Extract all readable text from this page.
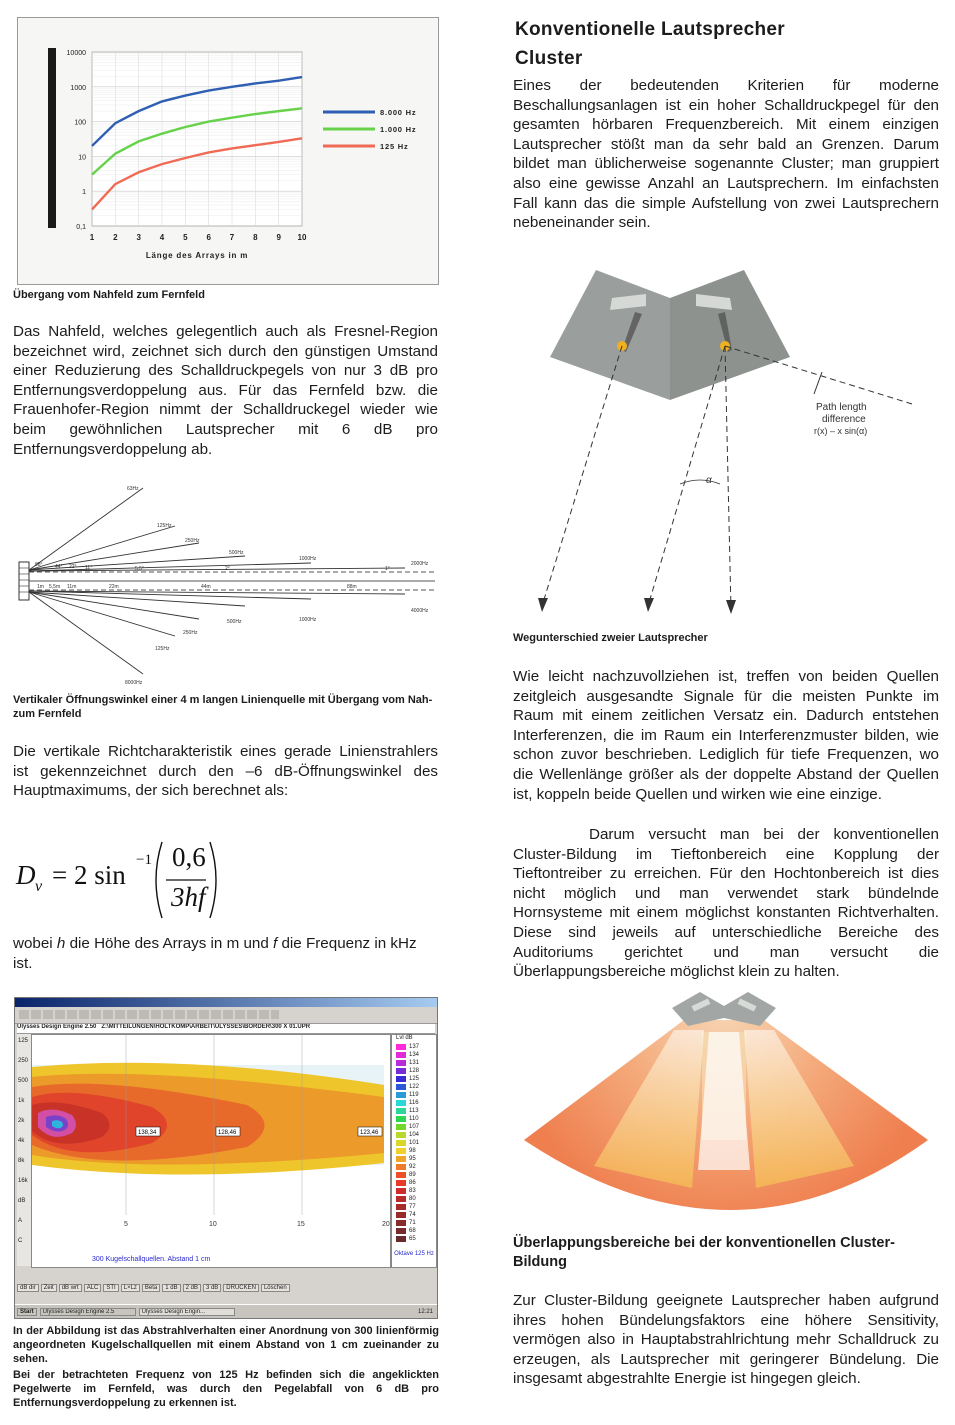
10000
1000
100
10
1
0,1
1 2 3 4 5 6 7 8 9 10
Länge des Arrays in m
8.000 Hz
1.000 Hz
125 Hz
Übergang vom Nahfeld zum Fernfeld
Das Nahfeld, welches gelegentlich auch als Fresnel-Region bezeichnet wird, zeichnet sich durch den günstigen Umstand einer Reduzierung des Schalldruckpegels von nur 3 dB pro Entfernungsverdoppelung aus. Für das Fernfeld bzw. die Frauenhofer-Region nimmt der Schalldruckegel wieder wie beim gewöhnlichen Lautsprecher mit 6 dB pro Entfernungsverdoppelung ab.
63Hz
125Hz
250Hz
500Hz
1000Hz
2000Hz
4000Hz
8000Hz
500Hz	1000Hz
250Hz
125Hz
1m 5,5m 11m	22m	44m	88m
88° 44° 22° 11°	5,5°	2°	1°
Vertikaler Öffnungswinkel einer 4 m langen Linienquelle mit Übergang vom Nah- zum Fernfeld
Die vertikale Richtcharakteristik eines gerade Linienstrahlers ist gekennzeichnet durch den –6 dB-Öffnungswinkel des Hauptmaximums, der sich berechnet als:
D v = 2 sin −1 0,6
3hf
wobei h die Höhe des Arrays in m und f die Frequenz in kHz ist.
Ulysses Design Engine 2.50 Z:\MITTEILUNGEN\HOLTKOMP\ARBEIT\ULYSSES\BORDER\300 X 01.UPR
125
250
500
1k
2k
4k
8k
16k
dB
A
C
138,34	128,46	123,46
5	10	15	20
300 Kugelschallquellen. Abstand 1 cm
Lvl dB
137
134
131
128
125
122
119
116
113
110
107
104
101
98
95
92
89
86
83
80
77
74
71
68
65
Oktave 125 Hz
dB dir	Zeit	dB wrt	ALC	STI	L×Lz	Beta	1 dB	2 dB	3 dB	DRUCKEN	Löschen
Start	Ulysses Design Engine 2.5	Ulysses Design Engin...	12:21
In der Abbildung ist das Abstrahlverhalten einer Anordnung von 300 linienförmig angeordneten Kugelschallquellen mit einem Abstand von 1 cm zueinander zu sehen.
Bei der betrachteten Frequenz von 125 Hz befinden sich die angeklickten Pegelwerte im Fernfeld, was durch den Pegelabfall von 6 dB pro Entfernungsverdoppelung zu erkennen ist.
Konventionelle Lautsprecher
Cluster
Eines der bedeutenden Kriterien für moderne Beschallungsanlagen ist ein hoher Schalldruckpegel für den gesamten hörbaren Frequenzbereich. Mit einem einzigen Lautsprecher stößt man da sehr bald an Grenzen. Darum bildet man üblicherweise sogenannte Cluster; man gruppiert also eine gewisse Anzahl an Lautsprechern. Im einfachsten Fall kann das die simple Aufstellung von zwei Lautsprechern nebeneinander sein.
α
Path length
difference
r(x) – x sin(α)
Wegunterschied zweier Lautsprecher
Wie leicht nachzuvollziehen ist, treffen von beiden Quellen zeitgleich ausgesandte Signale für die meisten Punkte im Raum mit einem zeitlichen Versatz ein. Dadurch entstehen Interferenzen, die im Raum ein Interferenzmuster bilden, wie schon zuvor beschrieben. Lediglich für tiefe Frequenzen, wo die Wellenlänge größer als der doppelte Abstand der Quellen ist, koppeln beide Quellen und wirken wie eine einzige.
Darum versucht man bei der konventionellen Cluster-Bildung im Tieftonbereich eine Kopplung der Tieftontreiber zu erreichen. Für den Hochtonbereich ist dies nicht möglich und man verwendet stark bündelnde Hornsysteme mit einem möglichst konstanten Richtverhalten. Diese sind jeweils auf unterschiedliche Bereiche des Auditoriums gerichtet und man versucht die Überlappungsbereiche möglichst klein zu halten.
Überlappungsbereiche bei der konventionellen Cluster-Bildung
Zur Cluster-Bildung geeignete Lautsprecher haben aufgrund ihres hohen Bündelungsfaktors eine höhere Sensitivity, vermögen also in Hauptabstrahlrichtung mehr Schalldruck zu erzeugen, als Lautsprecher mit geringerer Bündelung. Die insgesamt abgestrahlte Energie ist hingegen gleich.
